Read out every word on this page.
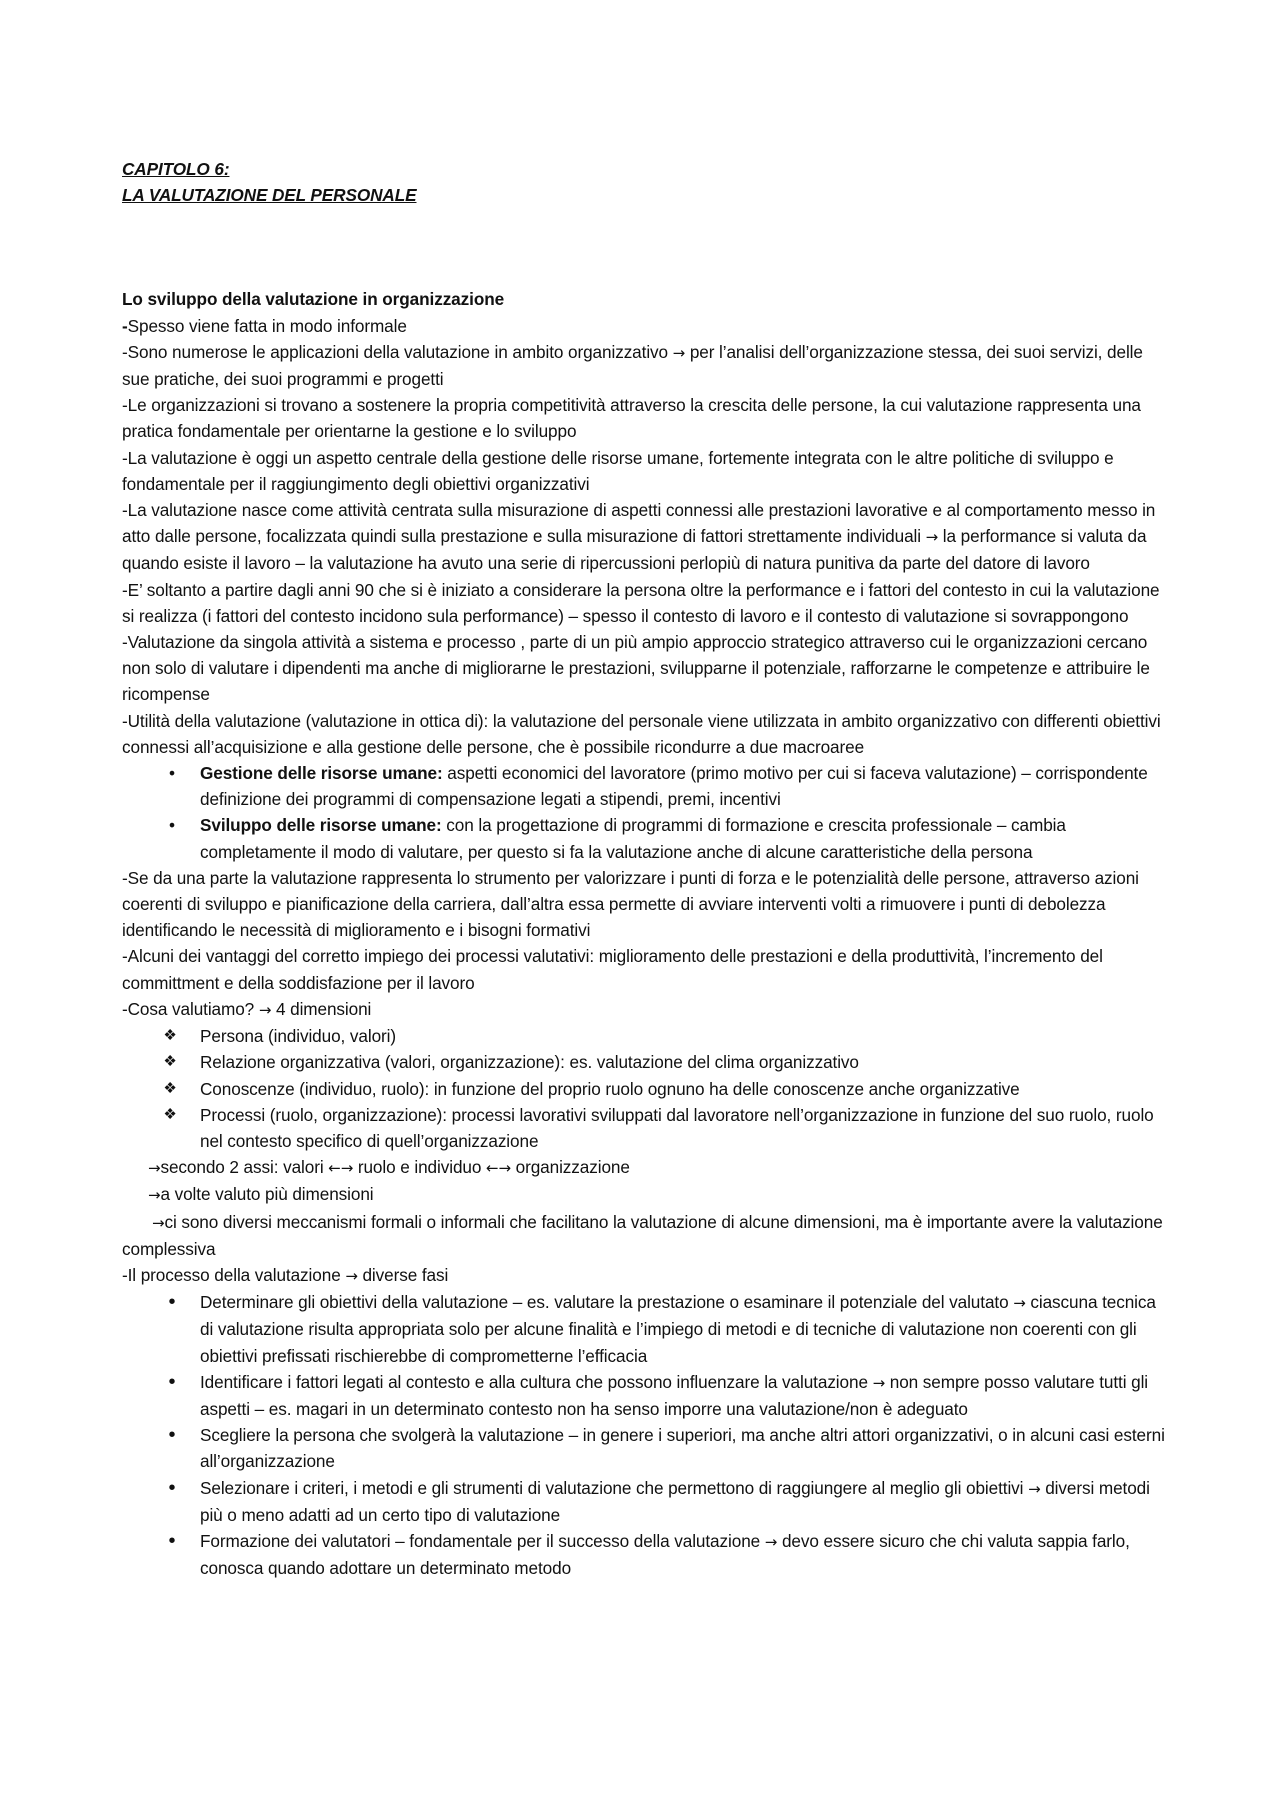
CAPITOLO 6:

LA VALUTAZIONE DEL PERSONALE

Lo sviluppo della valutazione in organizzazione

-Spesso viene fatta in modo informale

-Sono numerose le applicazioni della valutazione in ambito organizzativo → per l’analisi dell’organizzazione stessa, dei suoi servizi, delle sue pratiche, dei suoi programmi e progetti

-Le organizzazioni si trovano a sostenere la propria competitività attraverso la crescita delle persone, la cui valutazione rappresenta una pratica fondamentale per orientarne la gestione e lo sviluppo

-La valutazione è oggi un aspetto centrale della gestione delle risorse umane, fortemente integrata con le altre politiche di sviluppo e fondamentale per il raggiungimento degli obiettivi organizzativi

-La valutazione nasce come attività centrata sulla misurazione di aspetti connessi alle prestazioni lavorative e al comportamento messo in atto dalle persone, focalizzata quindi sulla prestazione e sulla misurazione di fattori strettamente individuali → la performance si valuta da quando esiste il lavoro – la valutazione ha avuto una serie di ripercussioni perlopiù di natura punitiva da parte del datore di lavoro

-E’ soltanto a partire dagli anni 90 che si è iniziato a considerare la persona oltre la performance e i fattori del contesto in cui la valutazione si realizza (i fattori del contesto incidono sula performance) – spesso il contesto di lavoro e il contesto di valutazione si sovrappongono

-Valutazione da singola attività a sistema e processo , parte di un più ampio approccio strategico attraverso cui le organizzazioni cercano non solo di valutare i dipendenti ma anche di migliorarne le prestazioni, svilupparne il potenziale, rafforzarne le competenze e attribuire le ricompense

-Utilità della valutazione (valutazione in ottica di): la valutazione del personale viene utilizzata in ambito organizzativo con differenti obiettivi connessi all’acquisizione e alla gestione delle persone, che è possibile ricondurre a due macroaree

•	Gestione delle risorse umane: aspetti economici del lavoratore (primo motivo per cui si faceva valutazione) – corrispondente definizione dei programmi di compensazione legati a stipendi, premi, incentivi
•	Sviluppo delle risorse umane: con la progettazione di programmi di formazione e crescita professionale – cambia completamente il modo di valutare, per questo si fa la valutazione anche di alcune caratteristiche della persona

-Se da una parte la valutazione rappresenta lo strumento per valorizzare i punti di forza e le potenzialità delle persone, attraverso azioni coerenti di sviluppo e pianificazione della carriera, dall’altra essa permette di avviare interventi volti a rimuovere i punti di debolezza identificando le necessità di miglioramento e i bisogni formativi

-Alcuni dei vantaggi del corretto impiego dei processi valutativi: miglioramento delle prestazioni e della produttività, l’incremento del committment e della soddisfazione per il lavoro

-Cosa valutiamo? → 4 dimensioni

❖ Persona (individuo, valori)
❖ Relazione organizzativa (valori, organizzazione): es. valutazione del clima organizzativo
❖ Conoscenze (individuo, ruolo): in funzione del proprio ruolo ognuno ha delle conoscenze anche organizzative
❖ Processi (ruolo, organizzazione): processi lavorativi sviluppati dal lavoratore nell’organizzazione in funzione del suo ruolo, ruolo nel contesto specifico di quell’organizzazione

→secondo 2 assi: valori ←→ ruolo e individuo ←→ organizzazione

→a volte valuto più dimensioni

→ci sono diversi meccanismi formali o informali che facilitano la valutazione di alcune dimensioni, ma è importante avere la valutazione complessiva

-Il processo della valutazione → diverse fasi

•	Determinare gli obiettivi della valutazione – es. valutare la prestazione o esaminare il potenziale del valutato → ciascuna tecnica di valutazione risulta appropriata solo per alcune finalità e l’impiego di metodi e di tecniche di valutazione non coerenti con gli obiettivi prefissati rischierebbe di comprometterne l’efficacia
•	Identificare i fattori legati al contesto e alla cultura che possono influenzare la valutazione → non sempre posso valutare tutti gli aspetti – es. magari in un determinato contesto non ha senso imporre una valutazione/non è adeguato
•	Scegliere la persona che svolgerà la valutazione – in genere i superiori, ma anche altri attori organizzativi, o in alcuni casi esterni all’organizzazione
•	Selezionare i criteri, i metodi e gli strumenti di valutazione che permettono di raggiungere al meglio gli obiettivi → diversi metodi più o meno adatti ad un certo tipo di valutazione
•	Formazione dei valutatori – fondamentale per il successo della valutazione → devo essere sicuro che chi valuta sappia farlo, conosca quando adottare un determinato metodo
